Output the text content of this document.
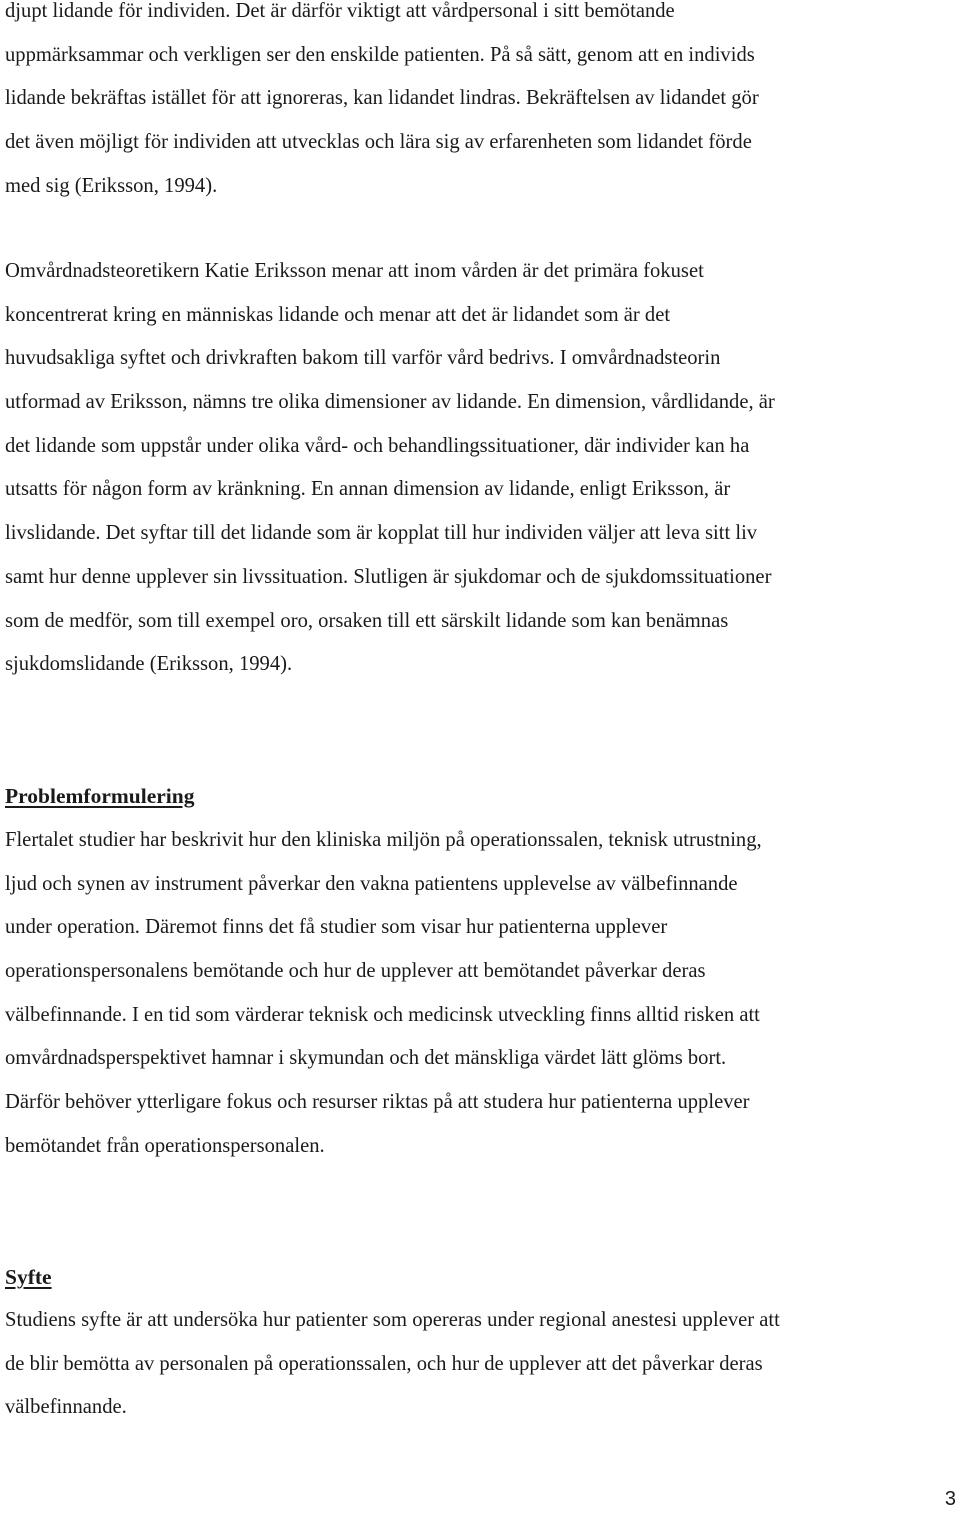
djupt lidande för individen. Det är därför viktigt att vårdpersonal i sitt bemötande
uppmärksammar och verkligen ser den enskilde patienten. På så sätt, genom att en individs
lidande bekräftas istället för att ignoreras, kan lidandet lindras. Bekräftelsen av lidandet gör
det även möjligt för individen att utvecklas och lära sig av erfarenheten som lidandet förde
med sig (Eriksson, 1994).
Omvårdnadsteoretikern Katie Eriksson menar att inom vården är det primära fokuset
koncentrerat kring en människas lidande och menar att det är lidandet som är det
huvudsakliga syftet och drivkraften bakom till varför vård bedrivs. I omvårdnadsteorin
utformad av Eriksson, nämns tre olika dimensioner av lidande. En dimension, vårdlidande, är
det lidande som uppstår under olika vård- och behandlingssituationer, där individer kan ha
utsatts för någon form av kränkning. En annan dimension av lidande, enligt Eriksson, är
livslidande. Det syftar till det lidande som är kopplat till hur individen väljer att leva sitt liv
samt hur denne upplever sin livssituation. Slutligen är sjukdomar och de sjukdomssituationer
som de medför, som till exempel oro, orsaken till ett särskilt lidande som kan benämnas
sjukdomslidande (Eriksson, 1994).
Problemformulering
Flertalet studier har beskrivit hur den kliniska miljön på operationssalen, teknisk utrustning,
ljud och synen av instrument påverkar den vakna patientens upplevelse av välbefinnande
under operation. Däremot finns det få studier som visar hur patienterna upplever
operationspersonalens bemötande och hur de upplever att bemötandet påverkar deras
välbefinnande. I en tid som värderar teknisk och medicinsk utveckling finns alltid risken att
omvårdnadsperspektivet hamnar i skymundan och det mänskliga värdet lätt glöms bort.
Därför behöver ytterligare fokus och resurser riktas på att studera hur patienterna upplever
bemötandet från operationspersonalen.
Syfte
Studiens syfte är att undersöka hur patienter som opereras under regional anestesi upplever att
de blir bemötta av personalen på operationssalen, och hur de upplever att det påverkar deras
välbefinnande.
3
